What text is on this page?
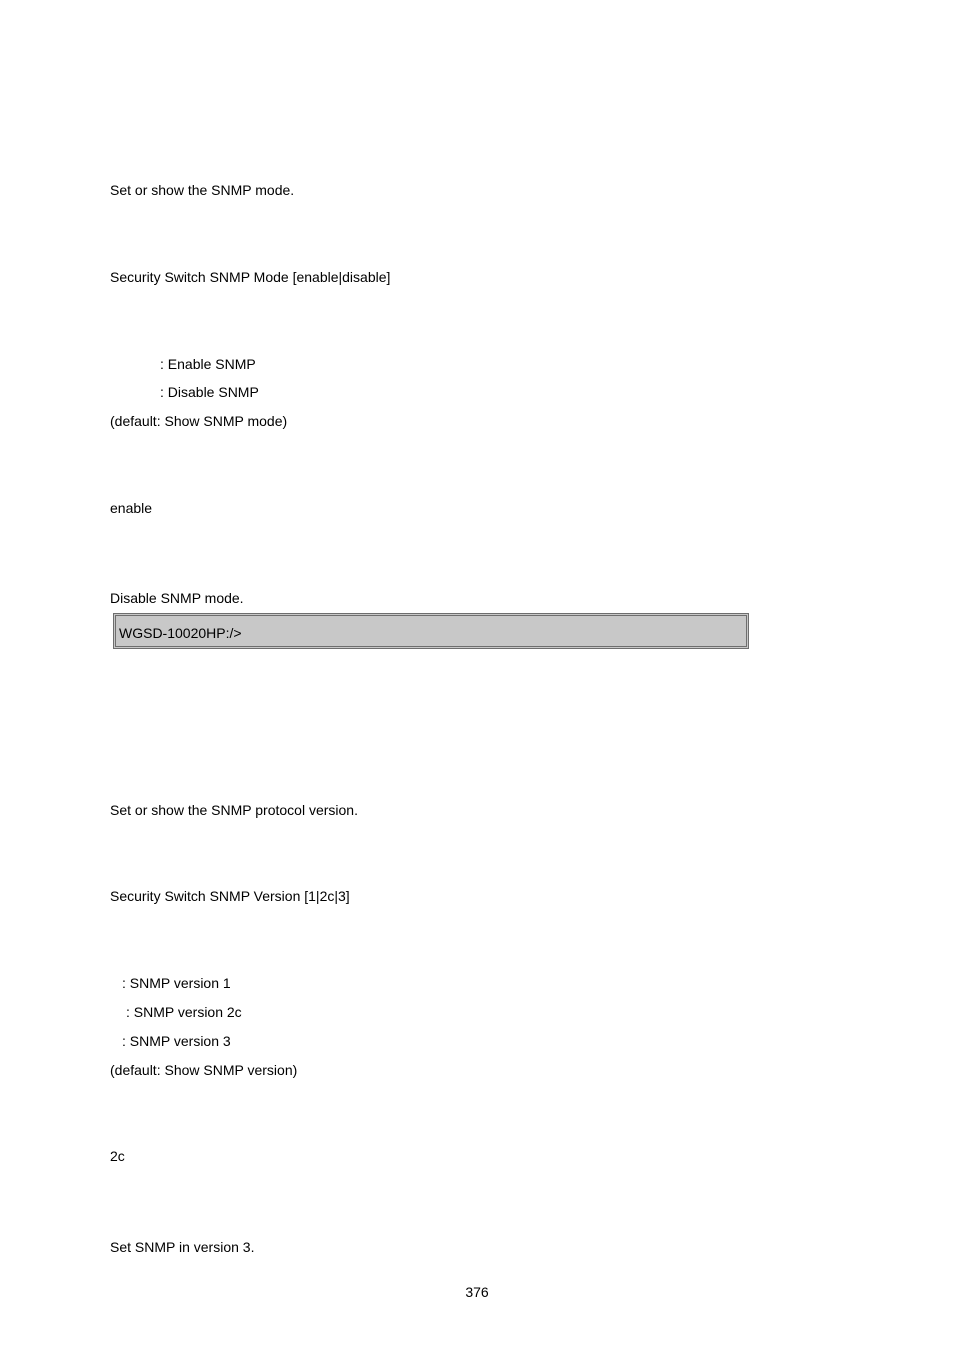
Set or show the SNMP mode.

Security Switch SNMP Mode [enable|disable]

: Enable SNMP

: Disable SNMP

(default: Show SNMP mode)

enable

Disable SNMP mode.

WGSD-10020HP:/>

Set or show the SNMP protocol version.

Security Switch SNMP Version [1|2c|3]

: SNMP version 1

: SNMP version 2c

: SNMP version 3

(default: Show SNMP version)

2c

Set SNMP in version 3.

376
